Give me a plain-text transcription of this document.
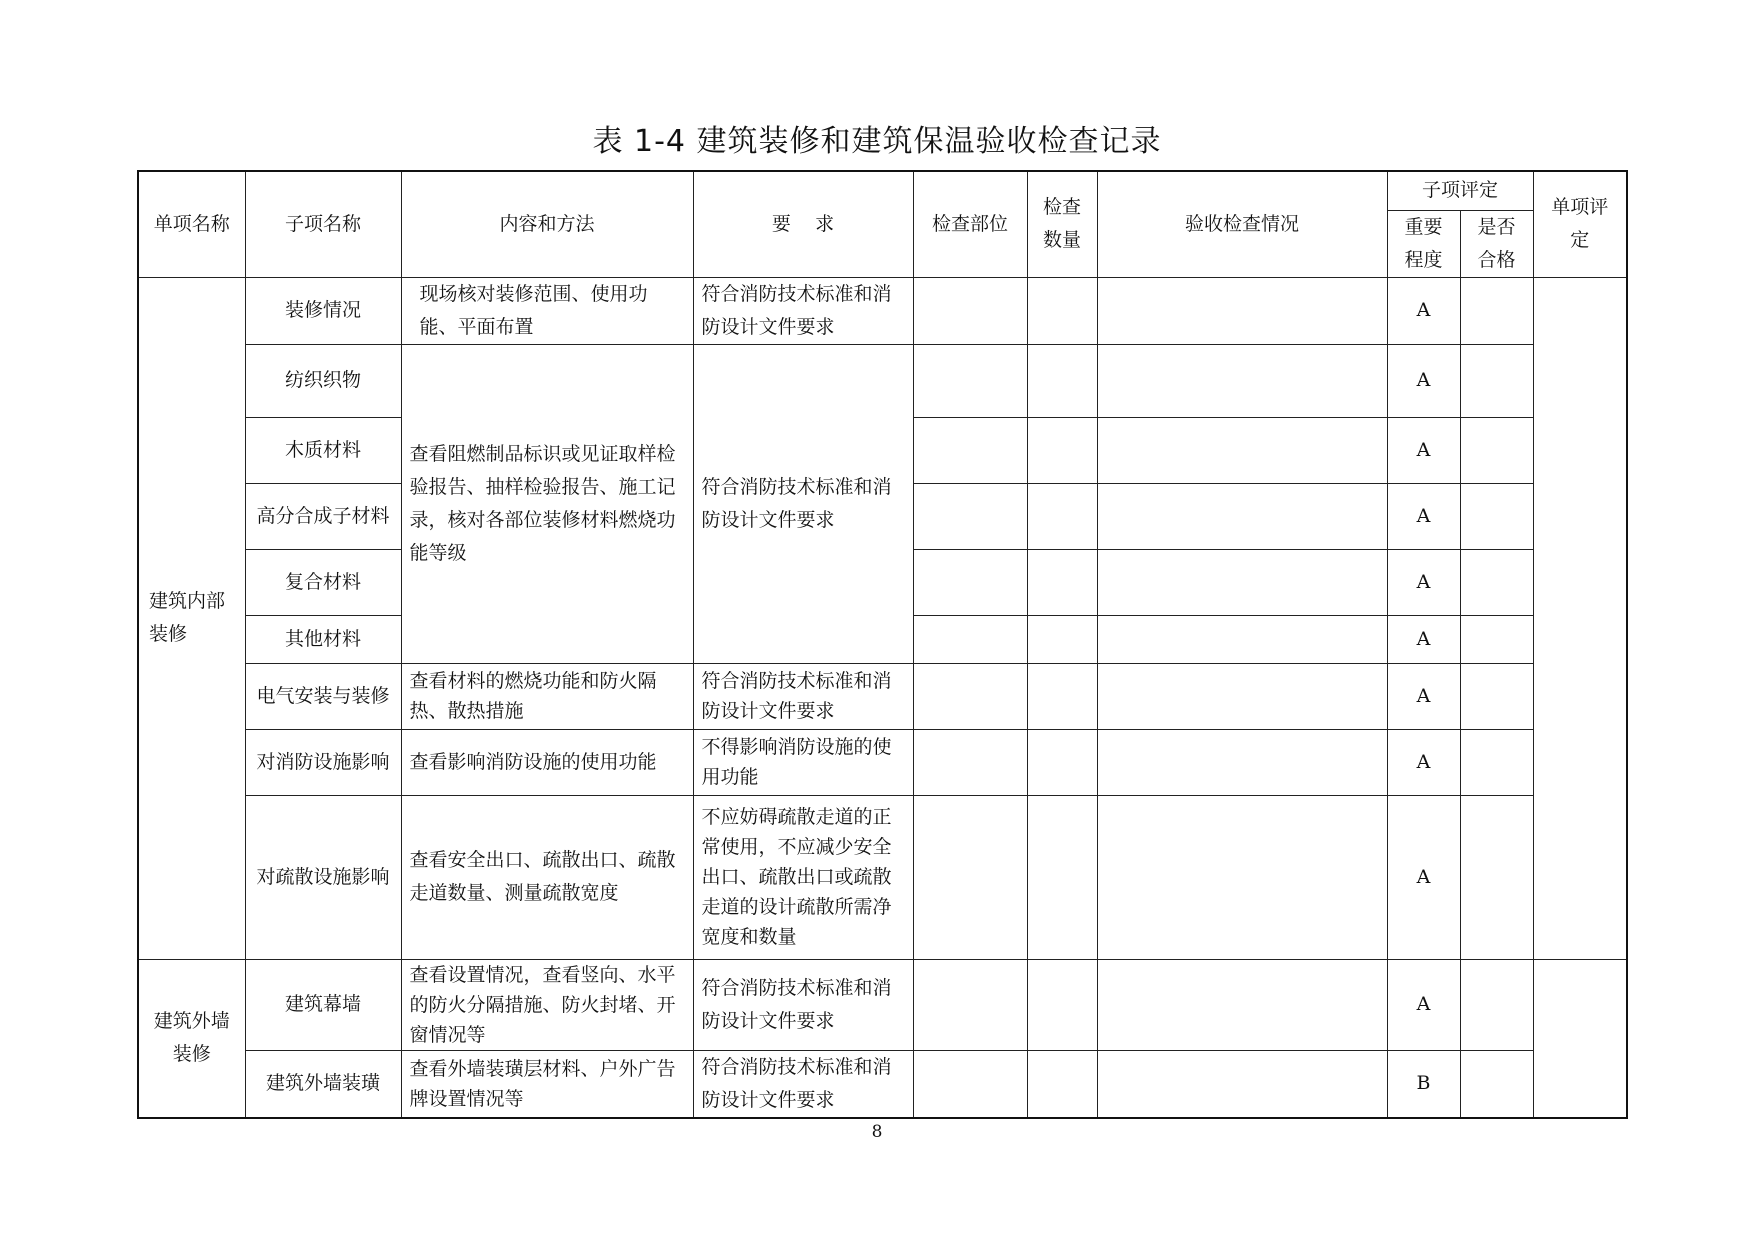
表 1-4 建筑装修和建筑保温验收检查记录
单项名称	子项名称	内容和方法	要    求	检查部位	检查数量	验收检查情况	子项评定		单项评定
							重要程度	是否合格	
建筑内部装修	装修情况	现场核对装修范围、使用功能、平面布置	符合消防技术标准和消防设计文件要求				A		
	纺织织物	查看阻燃制品标识或见证取样检验报告、抽样检验报告、施工记录，核对各部位装修材料燃烧功能等级	符合消防技术标准和消防设计文件要求				A		
	木质材料						A		
	高分合成子材料						A		
	复合材料						A		
	其他材料						A		
	电气安装与装修	查看材料的燃烧功能和防火隔热、散热措施	符合消防技术标准和消防设计文件要求				A		
	对消防设施影响	查看影响消防设施的使用功能	不得影响消防设施的使用功能				A		
	对疏散设施影响	查看安全出口、疏散出口、疏散走道数量、测量疏散宽度	不应妨碍疏散走道的正常使用，不应减少安全出口、疏散出口或疏散走道的设计疏散所需净宽度和数量				A		
建筑外墙装修	建筑幕墙	查看设置情况，查看竖向、水平的防火分隔措施、防火封堵、开窗情况等	符合消防技术标准和消防设计文件要求				A		
	建筑外墙装璜	查看外墙装璜层材料、户外广告牌设置情况等	符合消防技术标准和消防设计文件要求				B		
8
